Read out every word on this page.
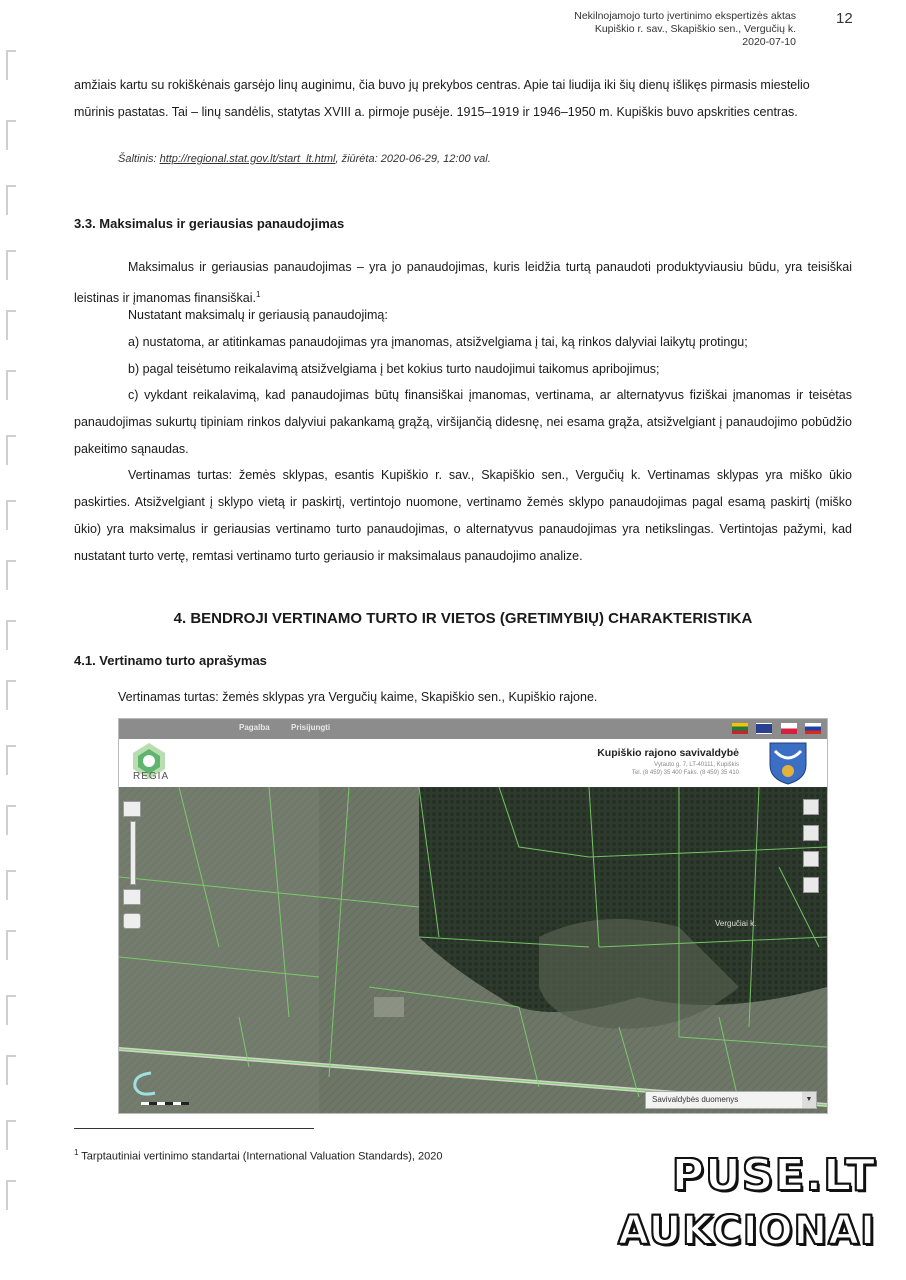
Nekilnojamojo turto įvertinimo ekspertizės aktas
Kupiškio r. sav., Skapiškio sen., Vergučių k.
2020-07-10
12
amžiais kartu su rokiškėnais garsėjo linų auginimu, čia buvo jų prekybos centras. Apie tai liudija iki šių dienų išlikęs pirmasis miestelio
mūrinis pastatas. Tai – linų sandėlis, statytas XVIII a. pirmoje pusėje. 1915–1919 ir 1946–1950 m. Kupiškis buvo apskrities centras.
Šaltinis: http://regional.stat.gov.lt/start_lt.html, žiūrėta: 2020-06-29, 12:00 val.
3.3. Maksimalus ir geriausias panaudojimas
Maksimalus ir geriausias panaudojimas – yra jo panaudojimas, kuris leidžia turtą panaudoti produktyviausiu būdu, yra teisiškai leistinas ir įmanomas finansiškai.$^1$
Nustatant maksimalų ir geriausią panaudojimą:
a) nustatoma, ar atitinkamas panaudojimas yra įmanomas, atsižvelgiama į tai, ką rinkos dalyviai laikytų protingu;
b) pagal teisėtumo reikalavimą atsižvelgiama į bet kokius turto naudojimui taikomus apribojimus;
c) vykdant reikalavimą, kad panaudojimas būtų finansiškai įmanomas, vertinama, ar alternatyvus fiziškai įmanomas ir teisėtas panaudojimas sukurtų tipiniam rinkos dalyviui pakankamą grąžą, viršijančią didesnę, nei esama grąža, atsižvelgiant į panaudojimo pobūdžio pakeitimo sąnaudas.
Vertinamas turtas: žemės sklypas, esantis Kupiškio r. sav., Skapiškio sen., Vergučių k. Vertinamas sklypas yra miško ūkio paskirties. Atsižvelgiant į sklypo vietą ir paskirtį, vertintojo nuomone, vertinamo žemės sklypo panaudojimas pagal esamą paskirtį (miško ūkio) yra maksimalus ir geriausias vertinamo turto panaudojimas, o alternatyvus panaudojimas yra netikslingas. Vertintojas pažymi, kad nustatant turto vertę, remtasi vertinamo turto geriausio ir maksimalaus panaudojimo analize.
4. BENDROJI VERTINAMO TURTO IR VIETOS (GRETIMYBIŲ) CHARAKTERISTIKA
4.1. Vertinamo turto aprašymas
Vertinamas turtas: žemės sklypas yra Vergučių kaime, Skapiškio sen., Kupiškio rajone.
Pagalba	Prisijungti

REGIA
Kupiškio rajono savivaldybė
Vytauto g. 7, LT-40111, Kupiškis
Tel. (8 459) 35 400 Faks. (8 459) 35 410
Vergučiai k.
Savivaldybės duomenys	▼
$^1$ Tarptautiniai vertinimo standartai (International Valuation Standards), 2020	PUSE.LT
AUKCIONAI
